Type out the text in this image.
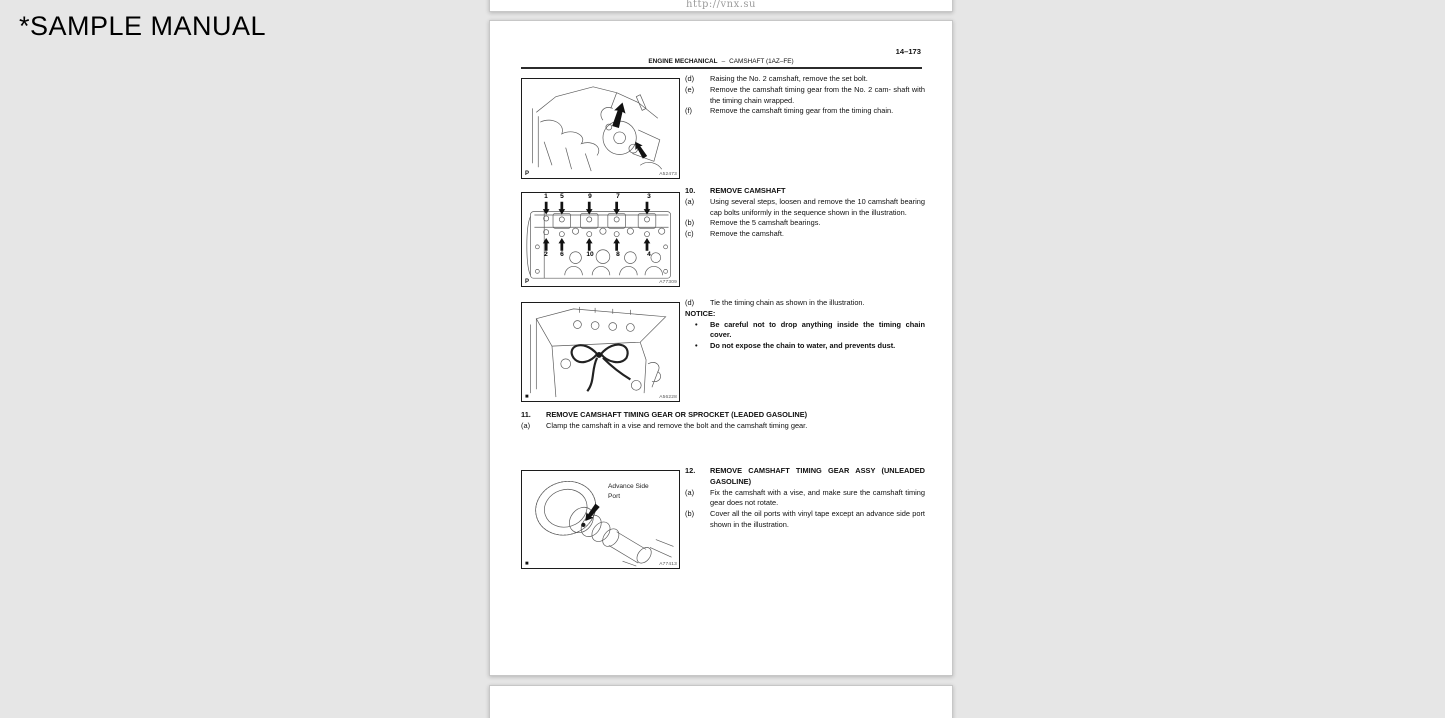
*SAMPLE MANUAL
http://vnx.su
14–173
ENGINE MECHANICAL – CAMSHAFT (1AZ–FE)
P	A52473
1 5	9	7	3
2 6	10	8	4
P	A77309
■	A56228
Advance Side Port
■	A77413
(d)	Raising the No. 2 camshaft, remove the set bolt.
(e)	Remove the camshaft timing gear from the No. 2 cam- shaft with the timing chain wrapped.
(f)	Remove the camshaft timing gear from the timing chain.
10.	REMOVE CAMSHAFT
(a)	Using several steps, loosen and remove the 10 camshaft bearing cap bolts uniformly in the sequence shown in the illustration.
(b)	Remove the 5 camshaft bearings.
(c)	Remove the camshaft.
(d)	Tie the timing chain as shown in the illustration.
NOTICE:
•	Be careful not to drop anything inside the timing chain cover.
•	Do not expose the chain to water, and prevents dust.
11.	REMOVE CAMSHAFT TIMING GEAR OR SPROCKET (LEADED GASOLINE)
(a)	Clamp the camshaft in a vise and remove the bolt and the camshaft timing gear.
12.	REMOVE CAMSHAFT TIMING GEAR ASSY (UNLEADED GASOLINE)
(a)	Fix the camshaft with a vise, and make sure the camshaft timing gear does not rotate.
(b)	Cover all the oil ports with vinyl tape except an advance side port shown in the illustration.
